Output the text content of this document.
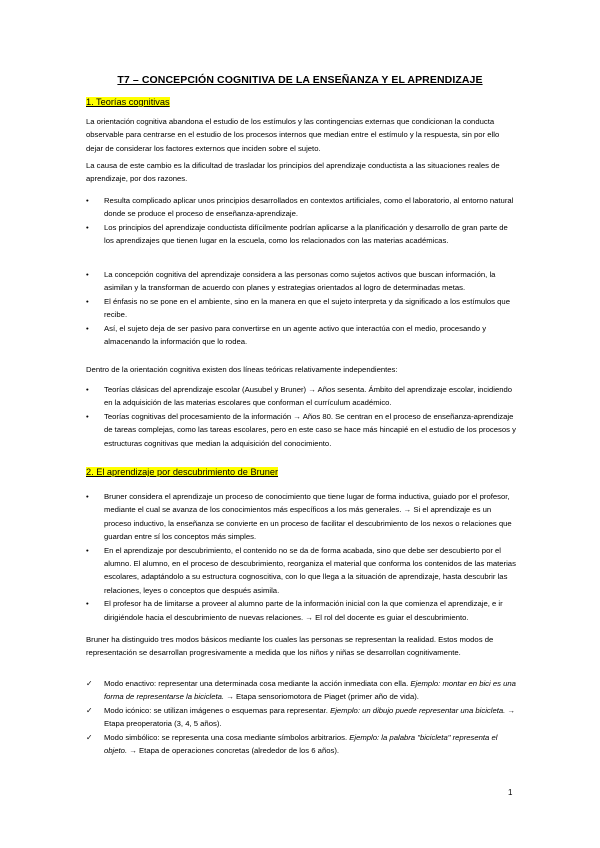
T7 – CONCEPCIÓN COGNITIVA DE LA ENSEÑANZA Y EL APRENDIZAJE
1. Teorías cognitivas

La orientación cognitiva abandona el estudio de los estímulos y las contingencias externas que condicionan la conducta observable para centrarse en el estudio de los procesos internos que median entre el estímulo y la respuesta, sin por ello dejar de considerar los factores externos que inciden sobre el sujeto.

La causa de este cambio es la dificultad de trasladar los principios del aprendizaje conductista a las situaciones reales de aprendizaje, por dos razones.

• Resulta complicado aplicar unos principios desarrollados en contextos artificiales, como el laboratorio, al entorno natural donde se produce el proceso de enseñanza-aprendizaje.
• Los principios del aprendizaje conductista difícilmente podrían aplicarse a la planificación y desarrollo de gran parte de los aprendizajes que tienen lugar en la escuela, como los relacionados con las materias académicas.
• La concepción cognitiva del aprendizaje considera a las personas como sujetos activos que buscan información, la asimilan y la transforman de acuerdo con planes y estrategias orientados al logro de determinadas metas.
• El énfasis no se pone en el ambiente, sino en la manera en que el sujeto interpreta y da significado a los estímulos que recibe.
• Así, el sujeto deja de ser pasivo para convertirse en un agente activo que interactúa con el medio, procesando y almacenando la información que lo rodea.

Dentro de la orientación cognitiva existen dos líneas teóricas relativamente independientes:

• Teorías clásicas del aprendizaje escolar (Ausubel y Bruner) → Años sesenta. Ámbito del aprendizaje escolar, incidiendo en la adquisición de las materias escolares que conforman el currículum académico.
• Teorías cognitivas del procesamiento de la información → Años 80. Se centran en el proceso de enseñanza-aprendizaje de tareas complejas, como las tareas escolares, pero en este caso se hace más hincapié en el estudio de los procesos y estructuras cognitivas que median la adquisición del conocimiento.
2. El aprendizaje por descubrimiento de Bruner
• Bruner considera el aprendizaje un proceso de conocimiento que tiene lugar de forma inductiva, guiado por el profesor, mediante el cual se avanza de los conocimientos más específicos a los más generales. → Si el aprendizaje es un proceso inductivo, la enseñanza se convierte en un proceso de facilitar el descubrimiento de los nexos o relaciones que guardan entre sí los conceptos más simples.
• En el aprendizaje por descubrimiento, el contenido no se da de forma acabada, sino que debe ser descubierto por el alumno. El alumno, en el proceso de descubrimiento, reorganiza el material que conforma los contenidos de las materias escolares, adaptándolo a su estructura cognoscitiva, con lo que llega a la situación de aprendizaje, hasta descubrir las relaciones, leyes o conceptos que después asimila.
• El profesor ha de limitarse a proveer al alumno parte de la información inicial con la que comienza el aprendizaje, e ir dirigiéndole hacia el descubrimiento de nuevas relaciones. → El rol del docente es guiar el descubrimiento.

Bruner ha distinguido tres modos básicos mediante los cuales las personas se representan la realidad. Estos modos de representación se desarrollan progresivamente a medida que los niños y niñas se desarrollan cognitivamente.

✓ Modo enactivo: representar una determinada cosa mediante la acción inmediata con ella. Ejemplo: montar en bici es una forma de representarse la bicicleta. → Etapa sensoriomotora de Piaget (primer año de vida).
✓ Modo icónico: se utilizan imágenes o esquemas para representar. Ejemplo: un dibujo puede representar una bicicleta. → Etapa preoperatoria (3, 4, 5 años).
✓ Modo simbólico: se representa una cosa mediante símbolos arbitrarios. Ejemplo: la palabra "bicicleta" representa el objeto. → Etapa de operaciones concretas (alrededor de los 6 años).
1
